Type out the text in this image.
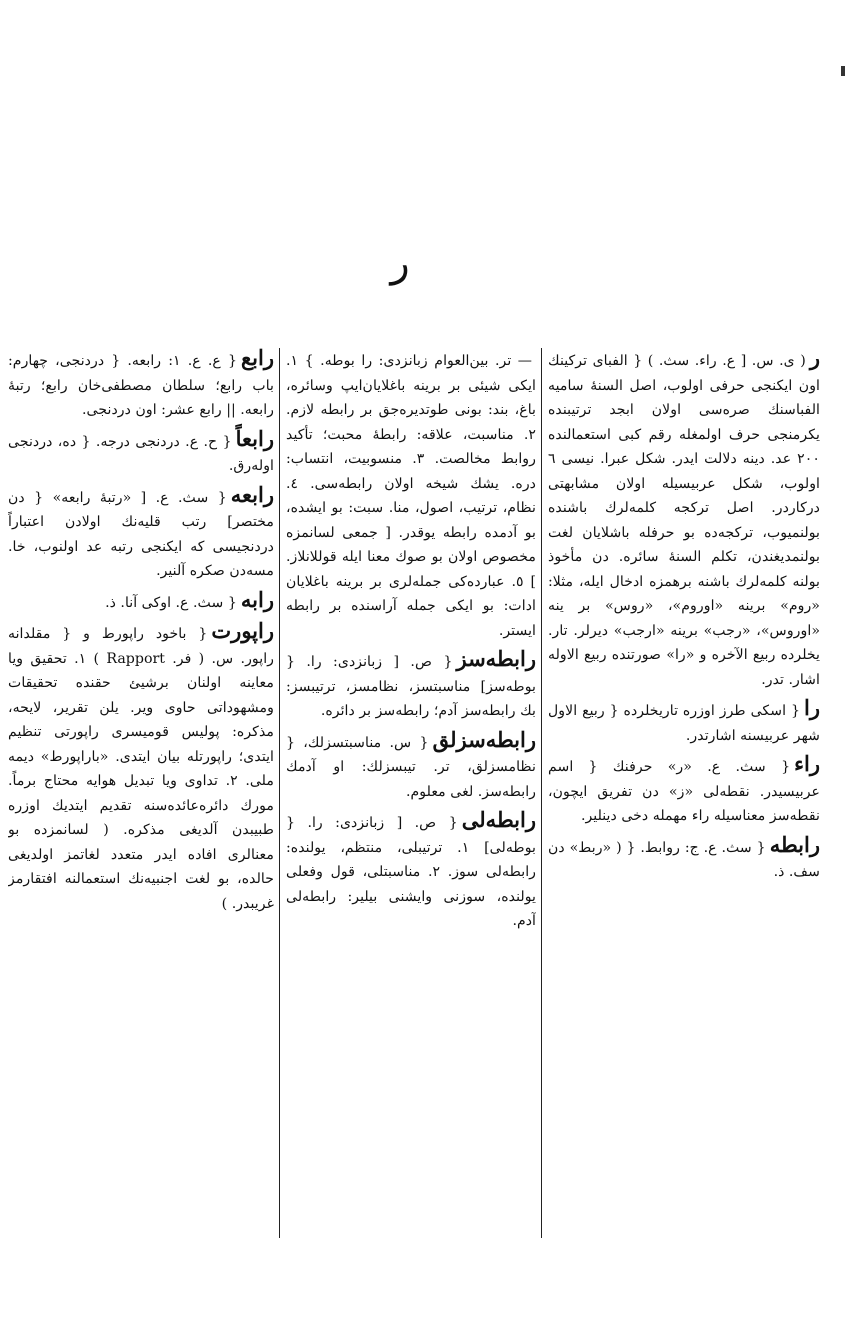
ر
ر( ى. س. [ ع. راء. سث. ) { الفبای ترکینك اون ایکنجی حرفی اولوب، اصل السنهٔ سامیه الفباسنك صره‌سی اولان ابجد ترتیبنده یکرمنجی حرف اولمغله رقم کبی استعمالنده ۲۰۰ عد. دینه دلالت ایدر. شکل عبرا. نیسی ٦ اولوب، شکل عربیسیله اولان مشابهتی درکاردر. اصل ترکجه کلمه‌لرك باشنده بولنمیوب، ترکجه‌ده بو حرفله باشلایان لغت بولنمدیغندن، تکلم السنهٔ سائره. دن مأخوذ بولنه کلمه‌لرك باشنه برهمزه ادخال ایله، مثلا: «روم» برینه «اوروم»، «روس» بر ینه «اوروس»، «رجب» برینه «ارجب» دیرلر. تار. یخلرده ربیع الآخره و «را» صورتنده ربیع الاوله اشار. تدر.
را{ اسکی طرز اوزره تاریخلرده { ربیع الاول شهر عربیسنه اشارتدر.
راء{ سث. ع. «ر» حرفنك { اسم عربیسیدر. نقطه‌لی «ز» دن تفریق ایچون، نقطه‌سز معناسیله راء مهمله دخی دینلیر.
رابطه{ سث. ع. ج: روابط. { ( «ربط» دن سف. ذ.
— تر. بین‌العوام زبانزدی: را بوطه. } ۱. ایکی شیئی بر برینه باغلایان‌ایپ وسائره، باغ، بند: بونی طوتدیره‌جق بر رابطه لازم. ۲. مناسبت، علاقه: رابطهٔ محبت؛ تأکید روابط مخالصت. ۳. منسوبیت، انتساب: دره. یشك شیخه اولان رابطه‌سی. ٤. نظام، ترتیب، اصول، منا. سبت: بو ایشده، بو آدمده رابطه یوقدر. [ جمعی لسانمزه مخصوص اولان بو صوك معنا ایله قوللانلاز. ] ٥. عبارده‌کی جمله‌لری بر برینه باغلایان ادات: بو ایکی جمله آراسنده بر رابطه ایستر.
رابطه‌سز{ ص. [ زبانزدی: را. { بوطه‌سز] مناسبتسز، نظامسز، ترتیبسز: بك رابطه‌سز آدم؛ رابطه‌سز بر دائره.
رابطه‌سزلق{ س. مناسبتسزلك، { نظامسزلق، تر. تیبسزلك: او آدمك رابطه‌سز. لغی معلوم.
رابطه‌لی{ ص. [ زبانزدی: را. { بوطه‌لی] ۱. ترتیبلی، منتظم، یولنده: رابطه‌لی سوز. ۲. مناسبتلی، قول وفعلی یولنده، سوزنی وایشنی بیلیر: رابطه‌لی آدم.
رابع{ ع. ع. ۱: رابعه. { دردنجی، چهارم: باب رابع؛ سلطان مصطفی‌خان رابع؛ رتبهٔ رابعه. || رابع عشر: اون دردنجی.
رابعاً{ ح. ع. دردنجی درجه. { ده، دردنجی اولەرق.
رابعه{ سث. ع. [ «رتبهٔ رابعه» { دن مختصر] رتب قلیه‌نك اولادن اعتباراً دردنجیسی که ایکنجی رتبه عد اولنوب، خا. مسه‌دن صکره آلنیر.
رابه{ سث. ع. اوکی آنا. ذ.
راپورت{ باخود راپورط و { مقلدانه راپور. س. ( فر. Rapport ) ۱. تحقیق ویا معاینه اولنان برشیئ حقنده تحقیقات ومشهوداتی حاوی ویر. یلن تقریر، لایحه، مذکره: پولیس قومیسری راپورتی تنظیم ایتدی؛ راپورتله بیان ایتدی. «باراپورط» دیمه ملی. ۲. تداوی ویا تبدیل هوایه محتاج برماً. مورك دائره‌عائده‌سنه تقدیم ایتدیك اوزره طبیبدن آلدیغی مذکره. ( لسانمزده بو معنالری افاده ایدر متعدد لغاتمز اولدیغی حالده، بو لغت اجنبیه‌نك استعمالنه افتقارمز غریبدر. )
